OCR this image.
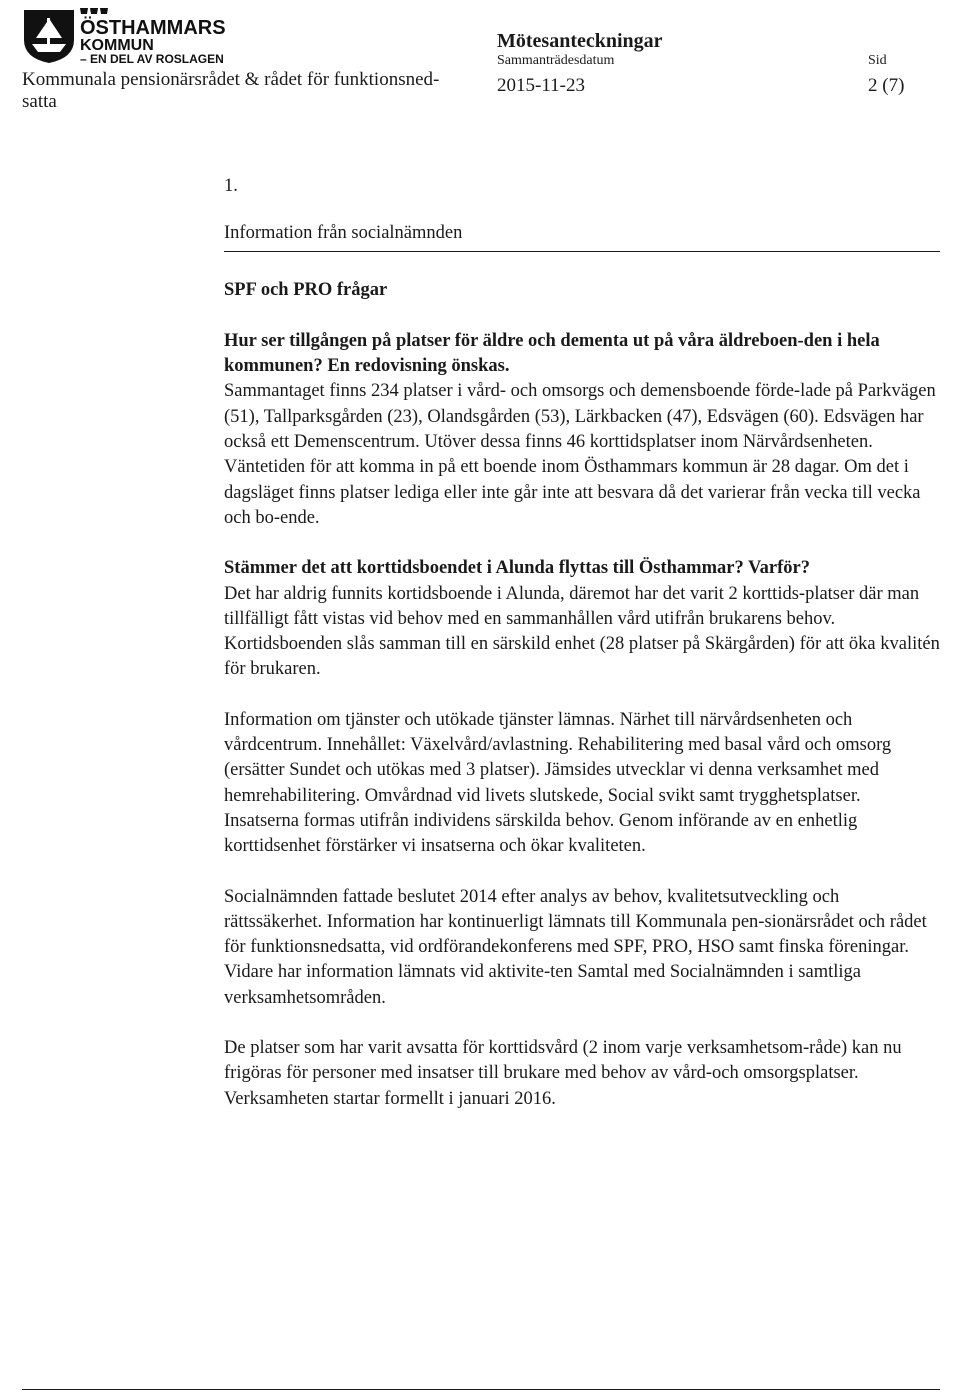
ÖSTHAMMARS
KOMMUN
– EN DEL AV ROSLAGEN
Kommunala pensionärsrådet & rådet för funktionsned-satta
Mötesanteckningar
Sammanträdesdatum
2015-11-23
Sid
2 (7)
1.
Information från socialnämnden
SPF och PRO frågar

Hur ser tillgången på platser för äldre och dementa ut på våra äldreboen-den i hela kommunen? En redovisning önskas.

Sammantaget finns 234 platser i vård- och omsorgs och demensboende förde-lade på Parkvägen (51), Tallparksgården (23), Olandsgården (53), Lärkbacken (47), Edsvägen (60). Edsvägen har också ett Demenscentrum. Utöver dessa finns 46 korttidsplatser inom Närvårdsenheten. Väntetiden för att komma in på ett boende inom Östhammars kommun är 28 dagar. Om det i dagsläget finns platser lediga eller inte går inte att besvara då det varierar från vecka till vecka och bo-ende.

Stämmer det att korttidsboendet i Alunda flyttas till Östhammar? Varför?

Det har aldrig funnits kortidsboende i Alunda, däremot har det varit 2 korttids-platser där man tillfälligt fått vistas vid behov med en sammanhållen vård utifrån brukarens behov. Kortidsboenden slås samman till en särskild enhet (28 platser på Skärgården) för att öka kvalitén för brukaren.

Information om tjänster och utökade tjänster lämnas. Närhet till närvårdsenheten och vårdcentrum. Innehållet: Växelvård/avlastning. Rehabilitering med basal vård och omsorg (ersätter Sundet och utökas med 3 platser). Jämsides utvecklar vi denna verksamhet med hemrehabilitering. Omvårdnad vid livets slutskede, Social svikt samt trygghetsplatser. Insatserna formas utifrån individens särskilda behov. Genom införande av en enhetlig korttidsenhet förstärker vi insatserna och ökar kvaliteten.

Socialnämnden fattade beslutet 2014 efter analys av behov, kvalitetsutveckling och rättssäkerhet. Information har kontinuerligt lämnats till Kommunala pen-sionärsrådet och rådet för funktionsnedsatta, vid ordförandekonferens med SPF, PRO, HSO samt finska föreningar. Vidare har information lämnats vid aktivite-ten Samtal med Socialnämnden i samtliga verksamhetsområden.

De platser som har varit avsatta för korttidsvård (2 inom varje verksamhetsom-råde) kan nu frigöras för personer med insatser till brukare med behov av vård-och omsorgsplatser. Verksamheten startar formellt i januari 2016.
